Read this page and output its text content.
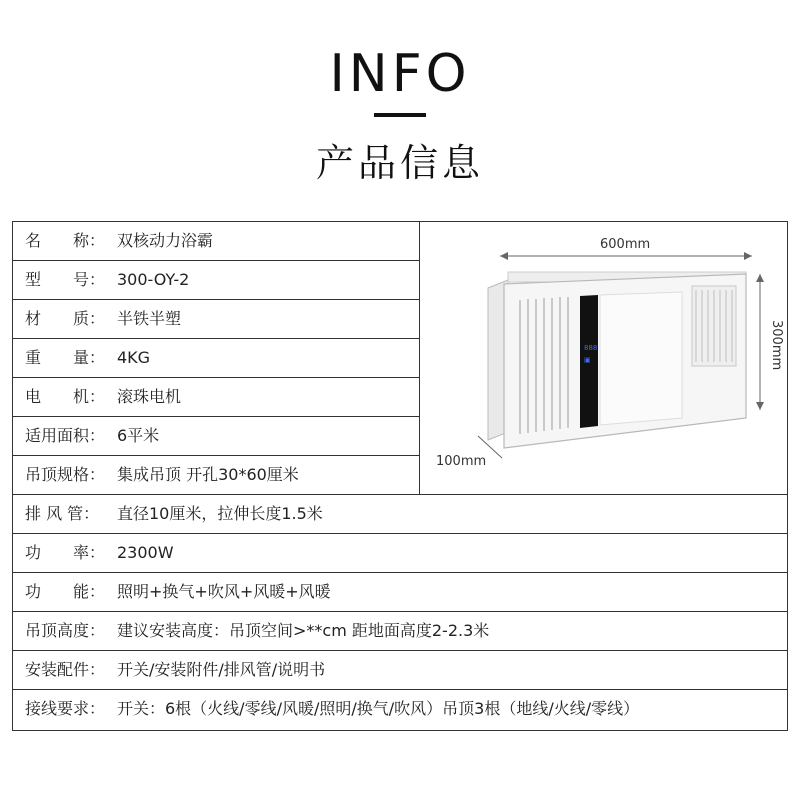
INFO
产品信息
名　　称： 双核动力浴霸
型　　号： 300-OY-2
材　　质： 半铁半塑
重　　量： 4KG
电　　机： 滚珠电机
适用面积： 6平米
吊顶规格： 集成吊顶 开孔30*60厘米
888
▣
600mm
300mm
100mm
排 风 管： 直径10厘米，拉伸长度1.5米
功　　率： 2300W
功　　能： 照明+换气+吹风+风暖+风暖
吊顶高度： 建议安装高度：吊顶空间>**cm 距地面高度2-2.3米
安装配件： 开关/安装附件/排风管/说明书
接线要求： 开关：6根（火线/零线/风暖/照明/换气/吹风）吊顶3根（地线/火线/零线）
